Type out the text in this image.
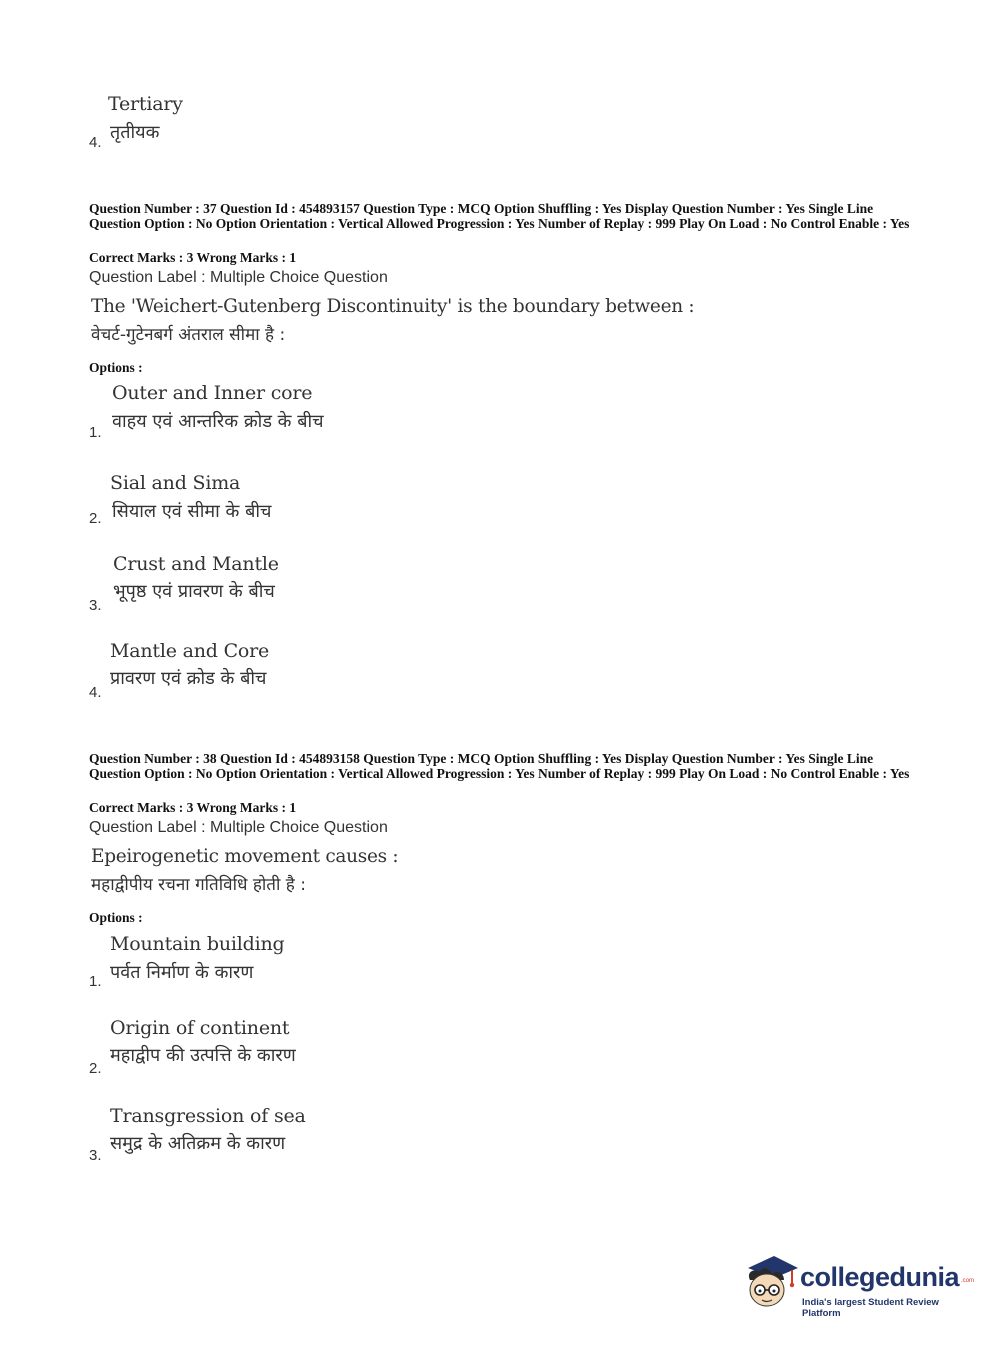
Tertiary
तृतीयक
4.
Question Number : 37 Question Id : 454893157 Question Type : MCQ Option Shuffling : Yes Display Question Number : Yes Single Line Question Option : No Option Orientation : Vertical Allowed Progression : Yes Number of Replay : 999 Play On Load : No Control Enable : Yes
Correct Marks : 3 Wrong Marks : 1
Question Label : Multiple Choice Question
The 'Weichert-Gutenberg Discontinuity' is the boundary between :
वेचर्ट-गुटेनबर्ग अंतराल सीमा है :
Options :
Outer and Inner core
वाहय एवं आन्तरिक क्रोड के बीच
1.
Sial and Sima
सियाल एवं सीमा के बीच
2.
Crust and Mantle
भूपृष्ठ एवं प्रावरण के बीच
3.
Mantle and Core
प्रावरण एवं क्रोड के बीच
4.
Question Number : 38 Question Id : 454893158 Question Type : MCQ Option Shuffling : Yes Display Question Number : Yes Single Line Question Option : No Option Orientation : Vertical Allowed Progression : Yes Number of Replay : 999 Play On Load : No Control Enable : Yes
Correct Marks : 3 Wrong Marks : 1
Question Label : Multiple Choice Question
Epeirogenetic movement causes :
महाद्वीपीय रचना गतिविधि होती है :
Options :
Mountain building
पर्वत निर्माण के कारण
1.
Origin of continent
महाद्वीप की उत्पत्ति के कारण
2.
Transgression of sea
समुद्र के अतिक्रम के कारण
3.
collegedunia .com
India's largest Student Review Platform
